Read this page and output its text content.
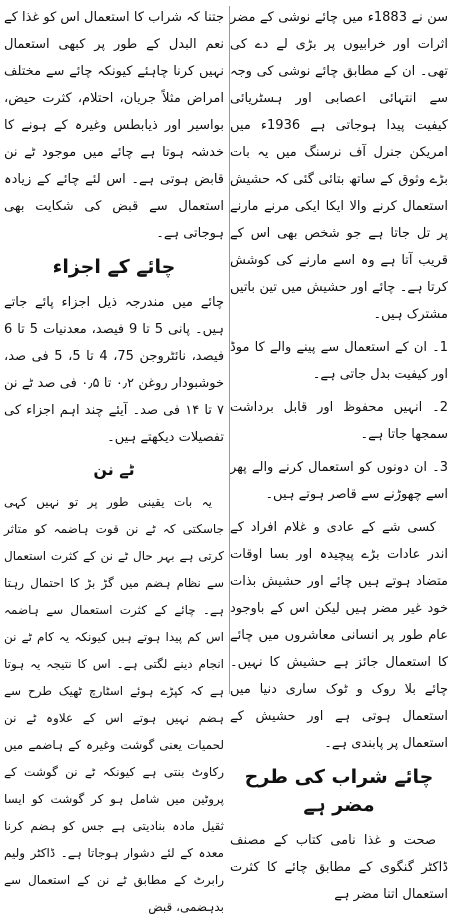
سن نے 1883ء میں چائے نوشی کے مضر اثرات اور خرابیوں پر بڑی لے دے کی تھی۔ ان کے مطابق چائے نوشی کی وجہ سے انتہائی اعصابی اور ہسٹریائی کیفیت پیدا ہوجاتی ہے 1936ء میں امریکن جنرل آف نرسنگ میں یہ بات بڑے وثوق کے ساتھ بتائی گئی کہ حشیش استعمال کرنے والا ایکا ایکی مرنے مارنے پر تل جاتا ہے جو شخص بھی اس کے قریب آتا ہے وہ اسے مارنے کی کوشش کرتا ہے۔ چائے اور حشیش میں تین باتیں مشترک ہیں۔

1۔ ان کے استعمال سے پینے والے کا موڈ اور کیفیت بدل جاتی ہے۔

2۔ انہیں محفوظ اور قابل برداشت سمجھا جاتا ہے۔

3۔ ان دونوں کو استعمال کرنے والے پھر اسے چھوڑنے سے قاصر ہوتے ہیں۔

کسی شے کے عادی و غلام افراد کے اندر عادات بڑے پیچیدہ اور بسا اوقات متضاد ہوتے ہیں چائے اور حشیش بذات خود غیر مضر ہیں لیکن اس کے باوجود عام طور پر انسانی معاشروں میں چائے کا استعمال جائز ہے حشیش کا نہیں۔ چائے بلا روک و ٹوک ساری دنیا میں استعمال ہوتی ہے اور حشیش کے استعمال پر پابندی ہے۔

چائے شراب کی طرح مضر ہے

صحت و غذا نامی کتاب کے مصنف ڈاکٹر گنگوی کے مطابق چائے کا کثرت استعمال اتنا مضر ہے

جتنا کہ شراب کا استعمال اس کو غذا کے نعم البدل کے طور پر کبھی استعمال نہیں کرنا چاہئے کیونکہ چائے سے مختلف امراض مثلاً جریان، احتلام، کثرت حیض، بواسیر اور ذیابطس وغیرہ کے ہونے کا خدشہ ہوتا ہے چائے میں موجود ٹے نن قابض ہوتی ہے۔ اس لئے چائے کے زیادہ استعمال سے قبض کی شکایت بھی ہوجاتی ہے۔

چائے کے اجزاء

چائے میں مندرجہ ذیل اجزاء پائے جاتے ہیں۔ پانی 5 تا 9 فیصد، معدنیات 5 تا 6 فیصد، نائٹروجن 75، 4 تا 5، 5 فی صد، خوشبودار روغن ۰٫۲ تا ۰٫۵ فی صد ٹے نن ۷ تا ۱۴ فی صد۔ آیئے چند اہم اجزاء کی تفصیلات دیکھتے ہیں۔

ٹے نن

یہ بات یقینی طور پر تو نہیں کہی جاسکتی کہ ٹے نن قوت ہاضمہ کو متاثر کرتی ہے بہر حال ٹے نن کے کثرت استعمال سے نظام ہضم میں گڑ بڑ کا احتمال رہتا ہے۔ چائے کے کثرت استعمال سے ہاضمہ اس کم پیدا ہوتے ہیں کیونکہ یہ کام ٹے نن انجام دینے لگتی ہے۔ اس کا نتیجہ یہ ہوتا ہے کہ کپڑے ہوئے اسٹارچ ٹھیک طرح سے ہضم نہیں ہوتے اس کے علاوہ ٹے نن لحمیات یعنی گوشت وغیرہ کے ہاضمے میں رکاوٹ بنتی ہے کیونکہ ٹے نن گوشت کے پروٹین میں شامل ہو کر گوشت کو ایسا ثقیل مادہ بنادیتی ہے جس کو ہضم کرنا معدہ کے لئے دشوار ہوجاتا ہے۔ ڈاکٹر ولیم رابرٹ کے مطابق ٹے نن کے استعمال سے بدہضمی، قبض
